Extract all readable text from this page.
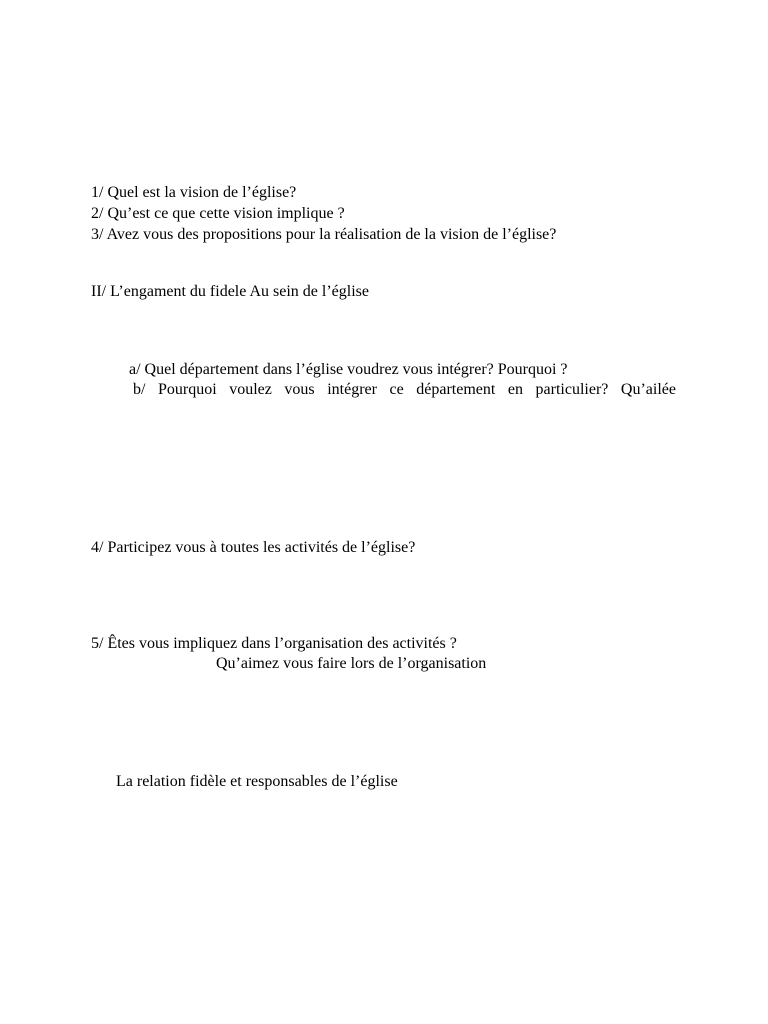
1/ Quel est la vision de l’église?
2/ Qu’est ce que cette vision implique ?
3/ Avez vous des propositions pour la réalisation de la vision de l’église?
II/ L’engament du fidele Au sein de l’église
a/ Quel département dans l’église voudrez vous intégrer? Pourquoi ?
b/ Pourquoi voulez vous intégrer ce département en particulier? Qu’ailée
4/ Participez vous à toutes les activités de l’église?
5/ Êtes vous impliquez dans l’organisation des activités ?
Qu’aimez vous faire lors de l’organisation
La relation fidèle et responsables de l’église
